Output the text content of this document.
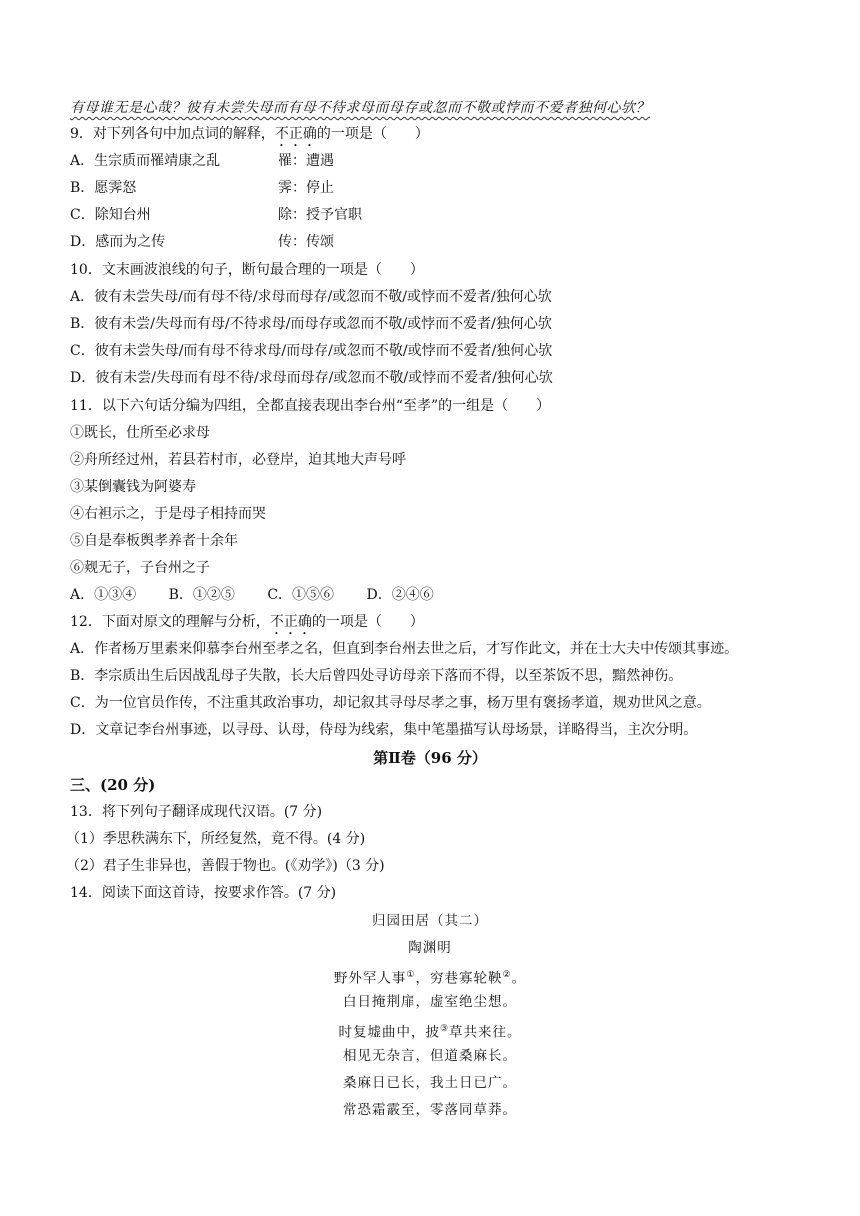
有母谁无是心哉？彼有未尝失母而有母不待求母而母存或忽而不敬或悖而不爱者独何心欤？
9．对下列各句中加点词的解释，不正确的一项是（　　）
A．生宗质而罹靖康之乱	罹：遭遇
B．愿霁怒	霁：停止
C．除知台州	除：授予官职
D．感而为之传	传：传颂
10．文末画波浪线的句子，断句最合理的一项是（　　）
A．彼有未尝失母/而有母不待/求母而母存/或忽而不敬/或悖而不爱者/独何心欤
B．彼有未尝/失母而有母/不待求母/而母存或忽而不敬/或悖而不爱者/独何心欤
C．彼有未尝失母/而有母不待求母/而母存/或忽而不敬/或悖而不爱者/独何心欤
D．彼有未尝/失母而有母不待/求母而母存/或忽而不敬/或悖而不爱者/独何心欤
11．以下六句话分编为四组，全都直接表现出李台州“至孝”的一组是（　　）
①既长，仕所至必求母
②舟所经过州，若县若村市，必登岸，迫其地大声号呼
③某倒囊钱为阿婆寿
④右袒示之，于是母子相持而哭
⑤自是奉板舆孝养者十余年
⑥觌无子，子台州之子
A．①③④ B．①②⑤ C．①⑤⑥ D．②④⑥
12．下面对原文的理解与分析，不正确的一项是（　　）
A．作者杨万里素来仰慕李台州至孝之名，但直到李台州去世之后，才写作此文，并在士大夫中传颂其事迹。
B．李宗质出生后因战乱母子失散，长大后曾四处寻访母亲下落而不得，以至茶饭不思，黯然神伤。
C．为一位官员作传，不注重其政治事功，却记叙其寻母尽孝之事，杨万里有褒扬孝道，规劝世风之意。
D．文章记李台州事迹，以寻母、认母，侍母为线索，集中笔墨描写认母场景，详略得当，主次分明。
第Ⅱ卷（96 分）
三、(20 分)
13．将下列句子翻译成现代汉语。(7 分)
（1）季思秩满东下，所经复然，竟不得。(4 分)
（2）君子生非异也，善假于物也。(《劝学》)（3 分)
14．阅读下面这首诗，按要求作答。(7 分)
归园田居（其二）
陶渊明
野外罕人事①，穷巷寡轮鞅②。
白日掩荆扉，虚室绝尘想。
时复墟曲中，披③草共来往。
相见无杂言，但道桑麻长。
桑麻日已长，我土日已广。
常恐霜霰至，零落同草莽。
